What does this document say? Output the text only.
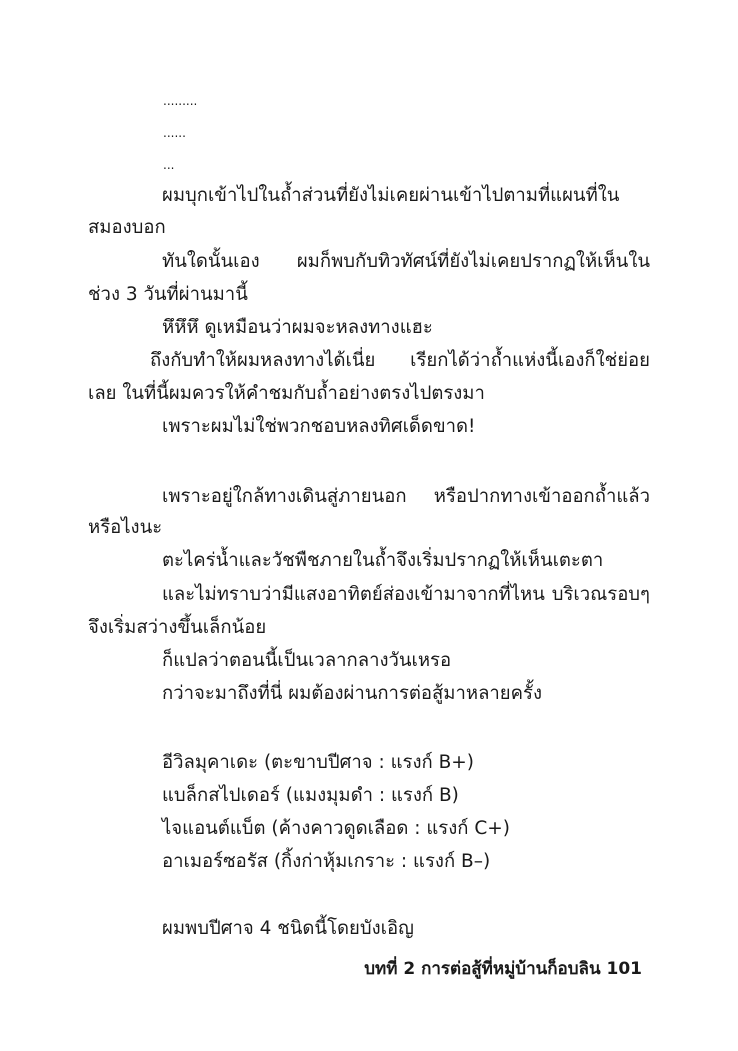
.........
......
...
ผมบุกเข้าไปในถ้ำส่วนที่ยังไม่เคยผ่านเข้าไปตามที่แผนที่ใน
สมองบอก
ทันใดนั้นเอง ผมก็พบกับทิวทัศน์ที่ยังไม่เคยปรากฏให้เห็นใน
ช่วง 3 วันที่ผ่านมานี้
หึหึหึ ดูเหมือนว่าผมจะหลงทางแฮะ
ถึงกับทำให้ผมหลงทางได้เนี่ย เรียกได้ว่าถ้ำแห่งนี้เองก็ใช่ย่อย
เลย ในที่นี้ผมควรให้คำชมกับถ้ำอย่างตรงไปตรงมา
เพราะผมไม่ใช่พวกชอบหลงทิศเด็ดขาด!
เพราะอยู่ใกล้ทางเดินสู่ภายนอก หรือปากทางเข้าออกถ้ำแล้ว
หรือไงนะ
ตะไคร่น้ำและวัชพืชภายในถ้ำจึงเริ่มปรากฏให้เห็นเตะตา
และไม่ทราบว่ามีแสงอาทิตย์ส่องเข้ามาจากที่ไหน บริเวณรอบๆ
จึงเริ่มสว่างขึ้นเล็กน้อย
ก็แปลว่าตอนนี้เป็นเวลากลางวันเหรอ
กว่าจะมาถึงที่นี่ ผมต้องผ่านการต่อสู้มาหลายครั้ง
อีวิลมุคาเดะ (ตะขาบปีศาจ : แรงก์ B+)
แบล็กสไปเดอร์ (แมงมุมดำ : แรงก์ B)
ไจแอนต์แบ็ต (ค้างคาวดูดเลือด : แรงก์ C+)
อาเมอร์ซอรัส (กิ้งก่าหุ้มเกราะ : แรงก์ B–)
ผมพบปีศาจ 4 ชนิดนี้โดยบังเอิญ
บทที่ 2 การต่อสู้ที่หมู่บ้านก็อบลิน 101
